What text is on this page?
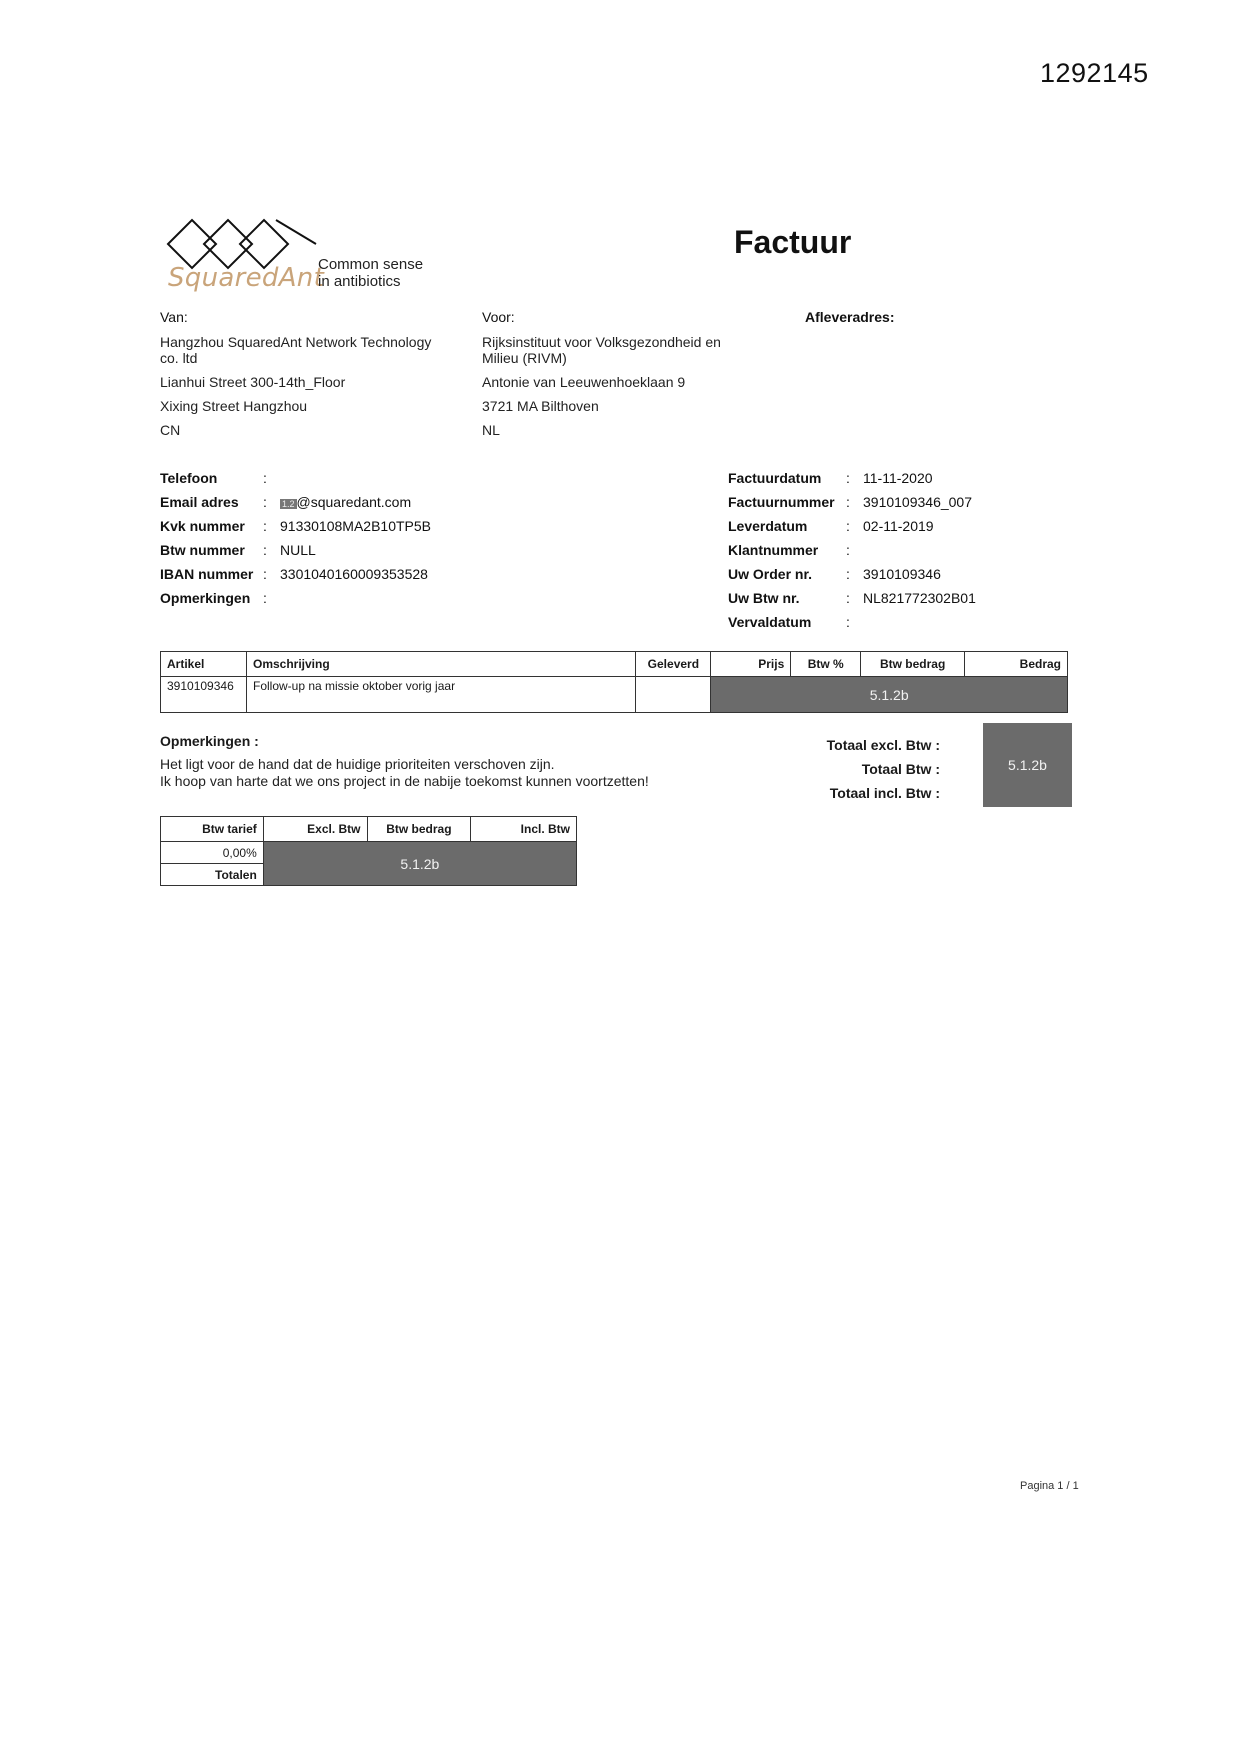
1292145
SquaredAnt
Common sense
in antibiotics
Factuur
Van:
Hangzhou SquaredAnt Network Technology
co. ltd
Lianhui Street 300-14th_Floor
Xixing Street Hangzhou
CN
Voor:
Rijksinstituut voor Volksgezondheid en
Milieu (RIVM)
Antonie van Leeuwenhoeklaan 9
3721 MA Bilthoven
NL
Afleveradres:
Telefoon	:
Email adres	:	1.2 @squaredant.com
Kvk nummer	: 91330108MA2B10TP5B
Btw nummer	: NULL
IBAN nummer : 3301040160009353528
Opmerkingen :
Factuurdatum	: 11-11-2020
Factuurnummer : 3910109346_007
Leverdatum	: 02-11-2019
Klantnummer	:
Uw Order nr.	: 3910109346
Uw Btw nr.	: NL821772302B01
Vervaldatum	:
Artikel	Omschrijving	Geleverd	Prijs	Btw %	Btw bedrag	Bedrag
3910109346	Follow-up na missie oktober vorig jaar		5.1.2b			
Opmerkingen :
Het ligt voor de hand dat de huidige prioriteiten verschoven zijn.
Ik hoop van harte dat we ons project in de nabije toekomst kunnen voortzetten!
Totaal excl. Btw :
Totaal Btw :
Totaal incl. Btw :
5.1.2b
Btw tarief	Excl. Btw	Btw bedrag	Incl. Btw
0,00%	5.1.2b		
Totalen			
Pagina 1 / 1
